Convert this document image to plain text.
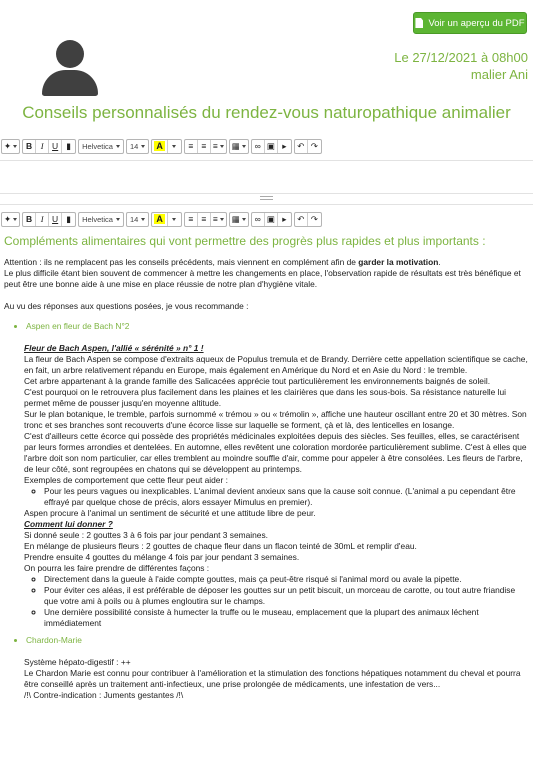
Voir un aperçu du PDF
Le 27/12/2021 à 08h00
malier Ani
Conseils personnalisés du rendez-vous naturopathique animalier
✦	B	I	U ▮	Helvetica 14 A	≡ ≡ ≡	▦	∞ ▣ ▸	↶ ↷
✦	B	I	U ▮	Helvetica 14 A	≡ ≡ ≡	▦	∞ ▣ ▸	↶ ↷
Compléments alimentaires qui vont permettre des progrès plus rapides et plus importants :

Attention : ils ne remplacent pas les conseils précédents, mais viennent en complément afin de garder la motivation.

Le plus difficile étant bien souvent de commencer à mettre les changements en place, l'observation rapide de résultats est très bénéfique et peut être une bonne aide à une mise en place réussie de notre plan d'hygiène vitale.

Au vu des réponses aux questions posées, je vous recommande :

• Aspen en fleur de Bach N°2

Fleur de Bach Aspen, l'allié « sérénité » n° 1 !

La fleur de Bach Aspen se compose d'extraits aqueux de Populus tremula et de Brandy. Derrière cette appellation scientifique se cache, en fait, un arbre relativement répandu en Europe, mais également en Amérique du Nord et en Asie du Nord : le tremble.

Cet arbre appartenant à la grande famille des Salicacées apprécie tout particulièrement les environnements baignés de soleil.

C'est pourquoi on le retrouvera plus facilement dans les plaines et les clairières que dans les sous-bois. Sa résistance naturelle lui permet même de pousser jusqu'en moyenne altitude.

Sur le plan botanique, le tremble, parfois surnommé « trémou » ou « trémolin », affiche une hauteur oscillant entre 20 et 30 mètres. Son tronc et ses branches sont recouverts d'une écorce lisse sur laquelle se forment, çà et là, des lenticelles en losange.

C'est d'ailleurs cette écorce qui possède des propriétés médicinales exploitées depuis des siècles. Ses feuilles, elles, se caractérisent par leurs formes arrondies et dentelées. En automne, elles revêtent une coloration mordorée particulièrement sublime. C'est à elles que l'arbre doit son nom particulier, car elles tremblent au moindre souffle d'air, comme pour appeler à être consolées. Les fleurs de l'arbre, de leur côté, sont regroupées en chatons qui se développent au printemps.

Exemples de comportement que cette fleur peut aider :

◦ Pour les peurs vagues ou inexplicables. L'animal devient anxieux sans que la cause soit connue. (L'animal a pu cependant être effrayé par quelque chose de précis, alors essayer Mimulus en premier).

Aspen procure à l'animal un sentiment de sécurité et une attitude libre de peur.

Comment lui donner ?

Si donné seule : 2 gouttes 3 à 6 fois par jour pendant 3 semaines.

En mélange de plusieurs fleurs : 2 gouttes de chaque fleur dans un flacon teinté de 30mL et remplir d'eau.

Prendre ensuite 4 gouttes du mélange 4 fois par jour pendant 3 semaines.

On pourra les faire prendre de différentes façons :

◦ Directement dans la gueule à l'aide compte gouttes, mais ça peut-être risqué si l'animal mord ou avale la pipette.
◦ Pour éviter ces aléas, il est préférable de déposer les gouttes sur un petit biscuit, un morceau de carotte, ou tout autre friandise que votre ami à poils ou à plumes engloutira sur le champs.
◦ Une dernière possibilité consiste à humecter la truffe ou le museau, emplacement que la plupart des animaux léchent immédiatement
• Chardon-Marie

Système hépato-digestif : ++

Le Chardon Marie est connu pour contribuer à l'amélioration et la stimulation des fonctions hépatiques notamment du cheval et pourra être conseillé après un traitement anti-infectieux, une prise prolongée de médicaments, une infestation de vers...

/!\ Contre-indication : Juments gestantes /!\
